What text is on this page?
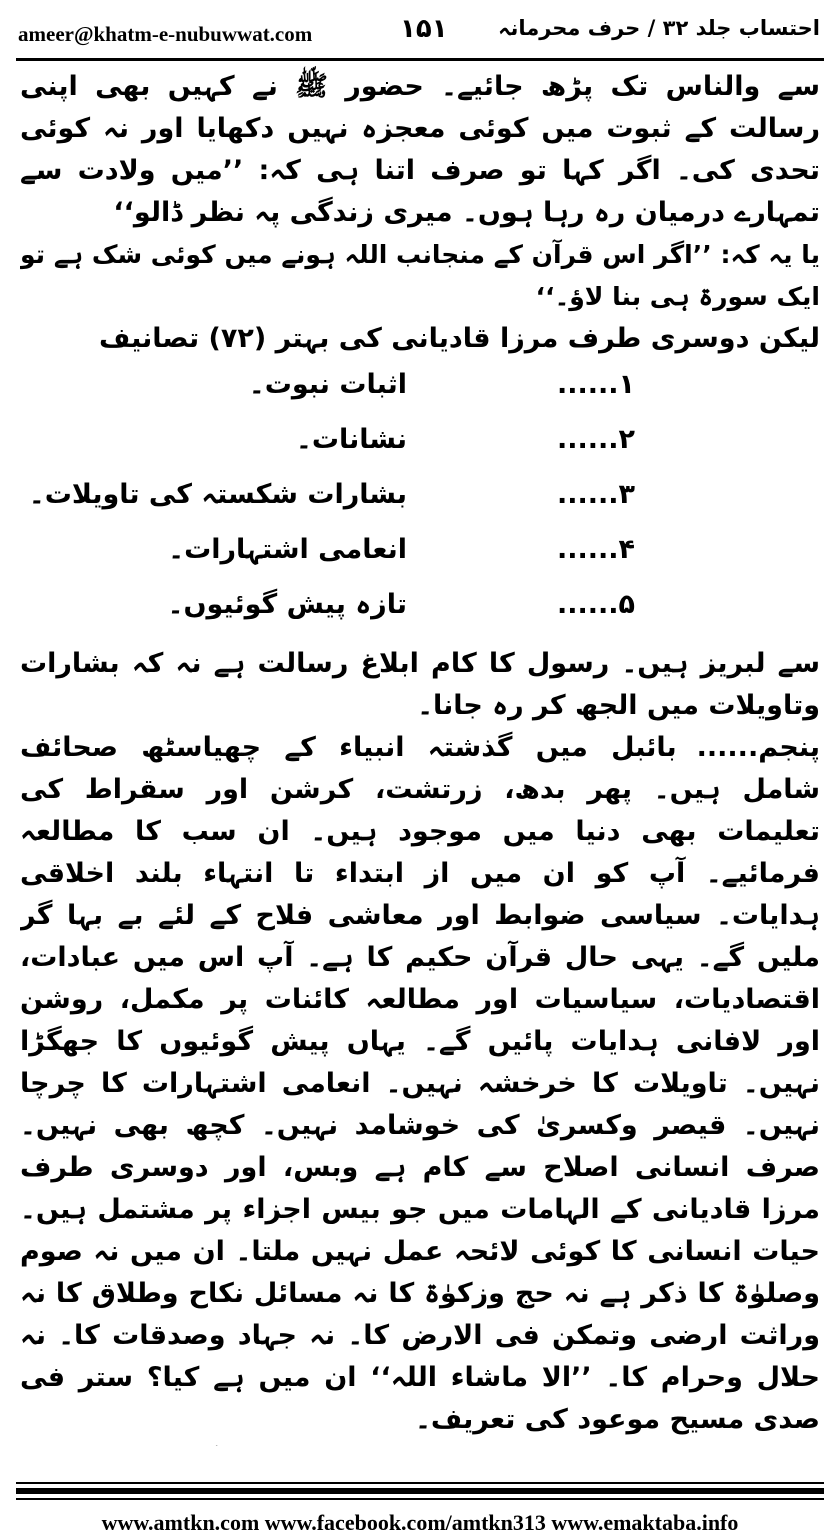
ameer@khatm-e-nubuwwat.com	۱۵۱ احتساب جلد ۳۲ / حرف محرمانہ

سے والناس تک پڑھ جائیے۔ حضور ﷺ نے کہیں بھی اپنی رسالت کے ثبوت میں کوئی معجزہ نہیں دکھایا اور نہ کوئی تحدی کی۔ اگر کہا تو صرف اتنا ہی کہ: ’’میں ولادت سے تمہارے درمیان رہ رہا ہوں۔ میری زندگی پہ نظر ڈالو‘‘

یا یہ کہ: ’’اگر اس قرآن کے منجانب اللہ ہونے میں کوئی شک ہے تو ایک سورۃ ہی بنا لاؤ۔‘‘

لیکن دوسری طرف مرزا قادیانی کی بہتر (۷۲) تصانیف

۱......
اثبات نبوت۔
۲......
نشانات۔
۳......
بشارات شکستہ کی تاویلات۔
۴......
انعامی اشتہارات۔
۵......
تازہ پیش گوئیوں۔

سے لبریز ہیں۔ رسول کا کام ابلاغ رسالت ہے نہ کہ بشارات وتاویلات میں الجھ کر رہ جانا۔

پنجم......بائبل میں گذشتہ انبیاء کے چھیاسٹھ صحائف شامل ہیں۔ پھر بدھ، زرتشت، کرشن اور سقراط کی تعلیمات بھی دنیا میں موجود ہیں۔ ان سب کا مطالعہ فرمائیے۔ آپ کو ان میں از ابتداء تا انتہاء بلند اخلاقی ہدایات۔ سیاسی ضوابط اور معاشی فلاح کے لئے بے بہا گر ملیں گے۔ یہی حال قرآن حکیم کا ہے۔ آپ اس میں عبادات، اقتصادیات، سیاسیات اور مطالعہ کائنات پر مکمل، روشن اور لافانی ہدایات پائیں گے۔ یہاں پیش گوئیوں کا جھگڑا نہیں۔ تاویلات کا خرخشہ نہیں۔ انعامی اشتہارات کا چرچا نہیں۔ قیصر وکسریٰ کی خوشامد نہیں۔ کچھ بھی نہیں۔ صرف انسانی اصلاح سے کام ہے وبس، اور دوسری طرف مرزا قادیانی کے الہامات میں جو بیس اجزاء پر مشتمل ہیں۔ حیات انسانی کا کوئی لائحہ عمل نہیں ملتا۔ ان میں نہ صوم وصلوٰۃ کا ذکر ہے نہ حج وزکوٰۃ کا نہ مسائل نکاح وطلاق کا نہ وراثت ارضی وتمکن فی الارض کا۔ نہ جہاد وصدقات کا۔ نہ حلال وحرام کا۔ ’’الا ماشاء اللہ‘‘ ان میں ہے کیا؟ ستر فی صدی مسیح موعود کی تعریف۔

www.amtkn.com www.facebook.com/amtkn313 www.emaktaba.info
